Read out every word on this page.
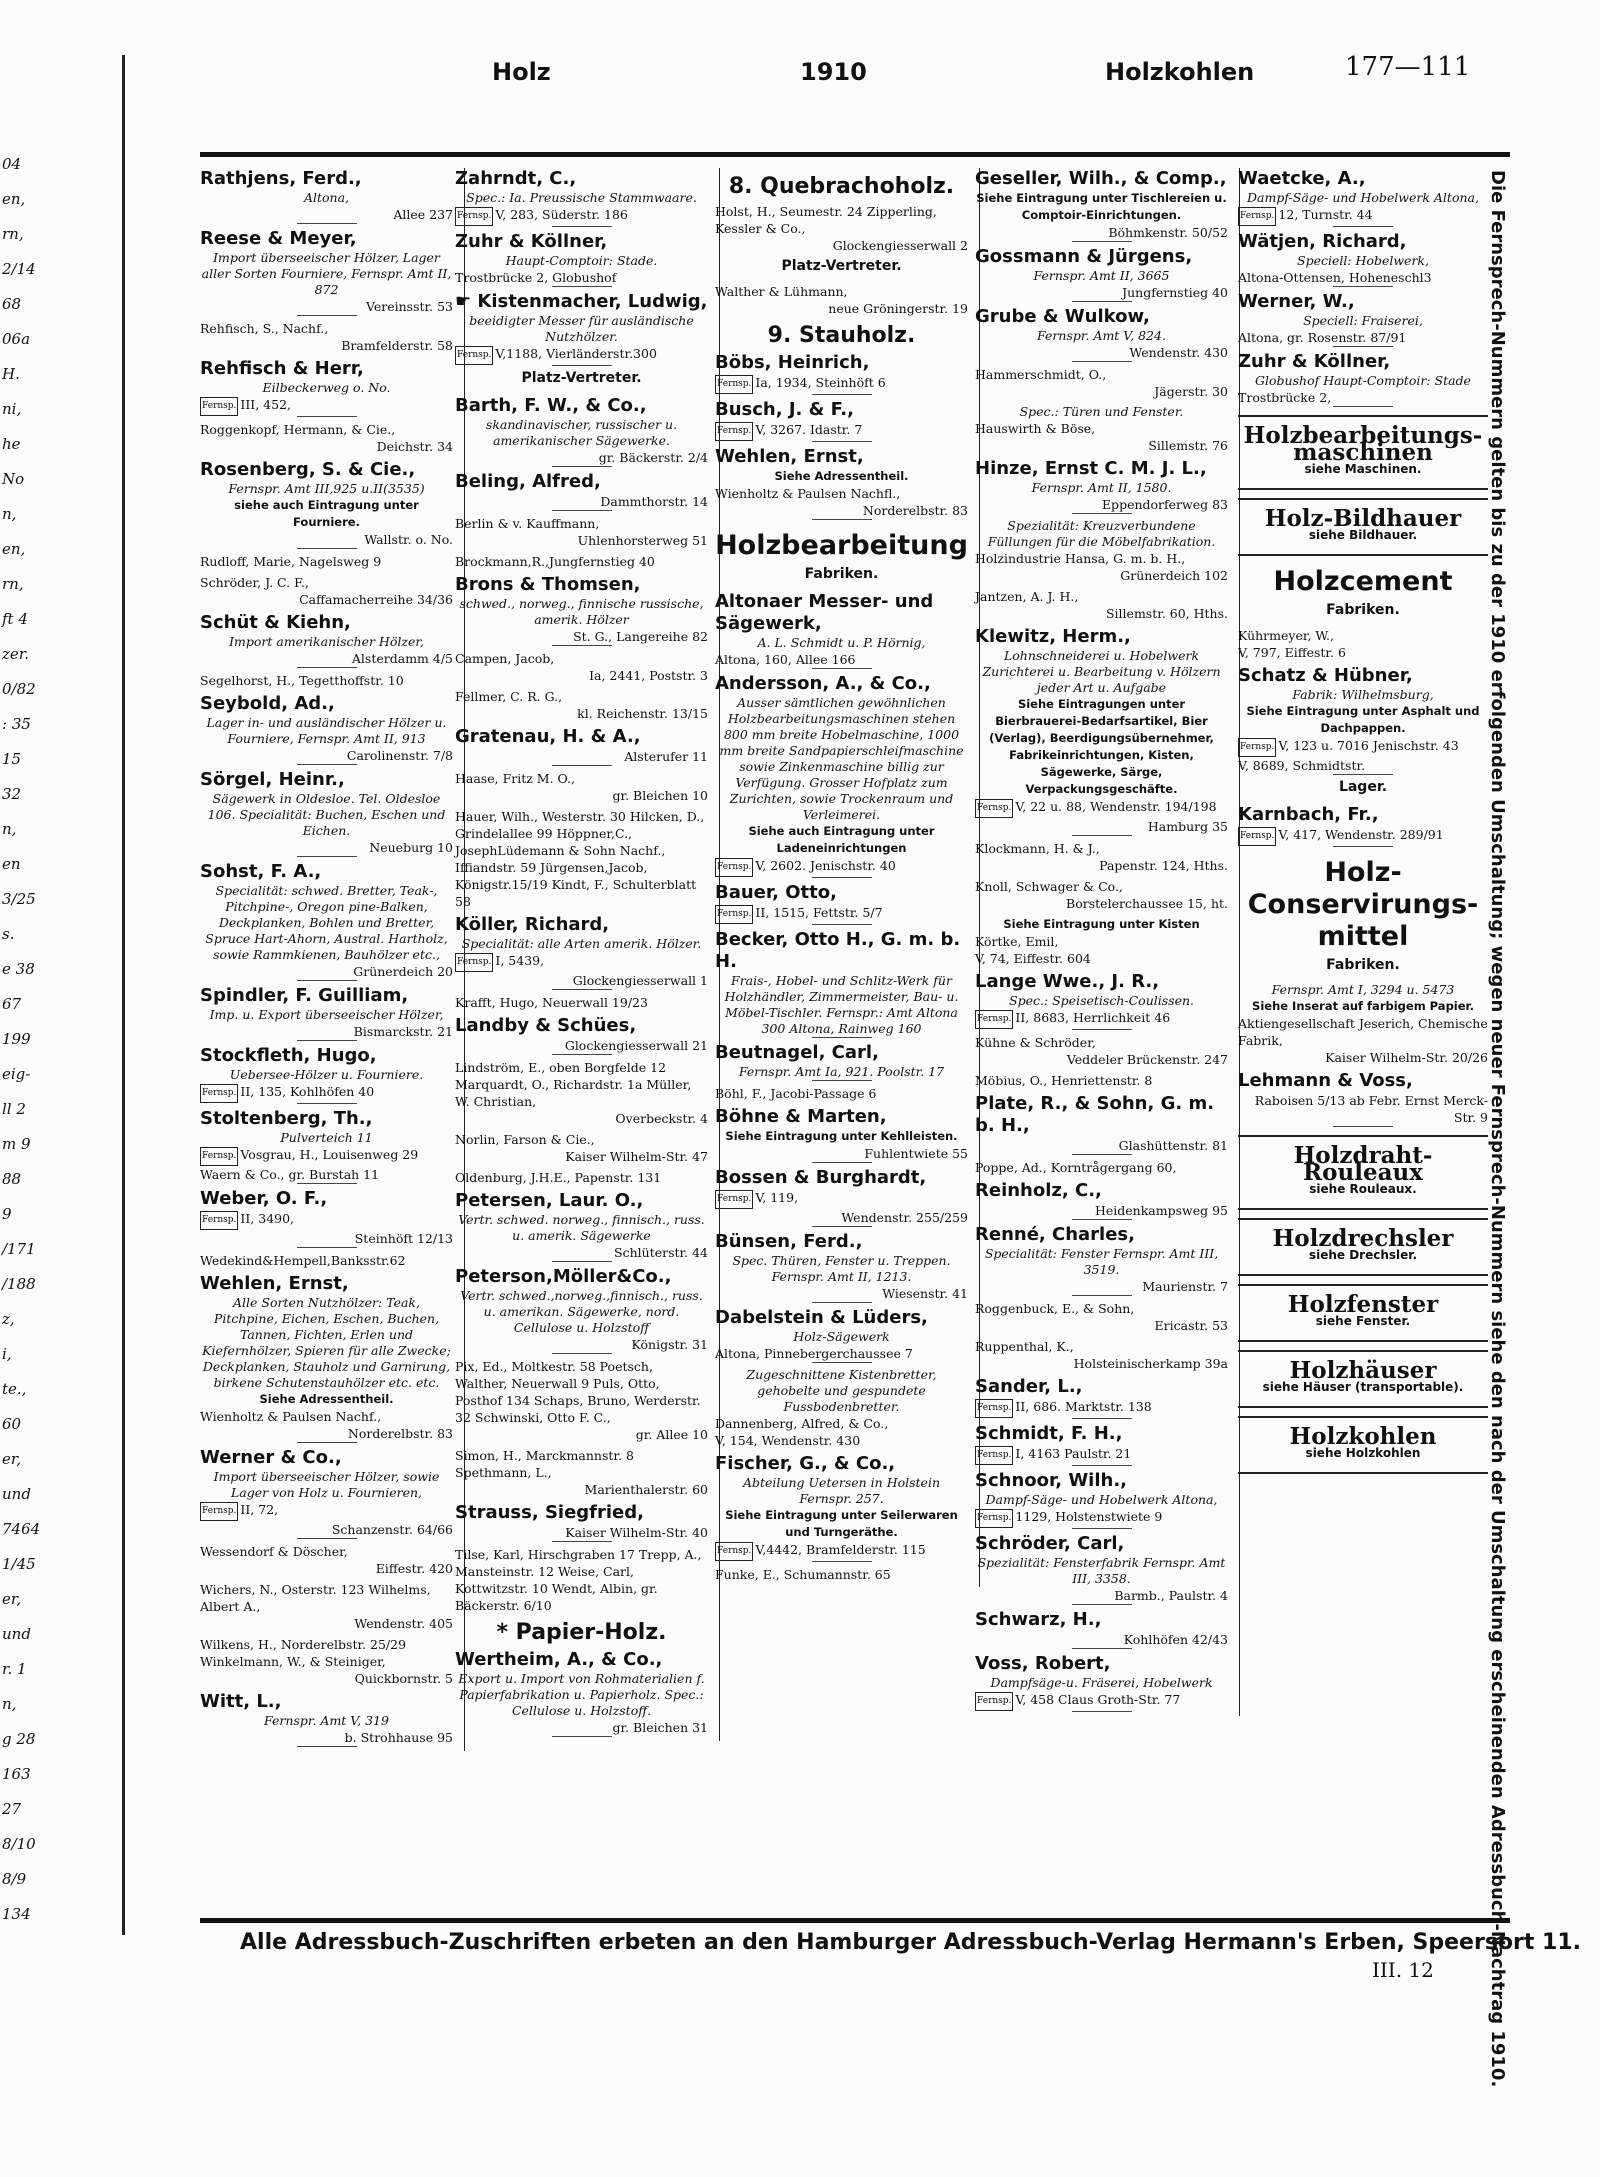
04
en,
rn,
2/14
68
06a
H.
ni,
he
No
n,
en,
rn,
ft 4
zer.
0/82
: 35
15
32
n,
en
3/25
s.
e 38
67
199
eig-
ll 2
m 9
88
9
/171
/188
z,
i,
te.,
60
er,
und
7464
1/45
er,
und
r. 1
n,
g 28
163
27
8/10
8/9
134
Holz	1910	Holzkohlen	177—111
Rathjens, Ferd.,
Altona,
Allee 237
Reese & Meyer,
Import überseeischer Hölzer, Lager aller Sorten Fourniere, Fernspr. Amt II, 872
Vereinsstr. 53
Rehfisch, S., Nachf.,
Bramfelderstr. 58
Rehfisch & Herr,
Eilbeckerweg o. No.
Fernsp. III, 452,
Roggenkopf, Hermann, & Cie.,
Deichstr. 34
Rosenberg, S. & Cie.,
Fernspr. Amt III,925 u.II(3535)
siehe auch Eintragung unter Fourniere.
Wallstr. o. No.
Rudloff, Marie, Nagelsweg 9
Schröder, J. C. F.,
Caffamacherreihe 34/36
Schüt & Kiehn,
Import amerikanischer Hölzer,
Alsterdamm 4/5
Segelhorst, H., Tegetthoffstr. 10
Seybold, Ad.,
Lager in- und ausländischer Hölzer u. Fourniere, Fernspr. Amt II, 913
Carolinenstr. 7/8
Sörgel, Heinr.,
Sägewerk in Oldesloe. Tel. Oldesloe 106. Specialität: Buchen, Eschen und Eichen.
Neueburg 10
Sohst, F. A.,
Specialität: schwed. Bretter, Teak-, Pitchpine-, Oregon pine-Balken, Deckplanken, Bohlen und Bretter, Spruce Hart-Ahorn, Austral. Hartholz, sowie Rammkienen, Bauhölzer etc.,
Grünerdeich 20
Spindler, F. Guilliam,
Imp. u. Export überseeischer Hölzer,
Bismarckstr. 21
Stockfleth, Hugo,
Ueberseе-Hölzer u. Fourniere.
Fernsp. II, 135, Kohlhöfen 40
Stoltenberg, Th.,
Pulverteich 11
Fernsp. Vosgrau, H., Louisenweg 29 Waern & Co., gr. Burstah 11
Weber, O. F.,
Fernsp. II, 3490,
Steinhöft 12/13
Wedekind&Hempell,Banksstr.62
Wehlen, Ernst,
Alle Sorten Nutzhölzer: Teak, Pitchpine, Eichen, Eschen, Buchen, Tannen, Fichten, Erlen und Kiefernhölzer, Spieren für alle Zwecke; Deckplanken, Stauholz und Garnirung, birkene Schutenstauhölzer etc. etc.
Siehe Adressentheil.
Wienholtz & Paulsen Nachf.,
Norderelbstr. 83
Werner & Co.,
Import überseeischer Hölzer, sowie Lager von Holz u. Fournieren,
Fernsp. II, 72,
Schanzenstr. 64/66
Wessendorf & Döscher,
Eiffestr. 420
Wichers, N., Osterstr. 123 Wilhelms, Albert A.,
Wendenstr. 405
Wilkens, H., Norderelbstr. 25/29 Winkelmann, W., & Steiniger,
Quickbornstr. 5
Witt, L.,
Fernspr. Amt V, 319
b. Strohhause 95
Zahrndt, C.,
Spec.: Ia. Preussische Stammwaare.
Fernsp. V, 283, Süderstr. 186
Zuhr & Köllner,
Haupt-Comptoir: Stade.
Trostbrücke 2, Globushof
☛ Kistenmacher, Ludwig,
beeidigter Messer für ausländische Nutzhölzer.
Fernsp. V,1188, Vierländerstr.300
Platz-Vertreter.
Barth, F. W., & Co.,
skandinavischer, russischer u. amerikanischer Sägewerke.
gr. Bäckerstr. 2/4
Beling, Alfred,
Dammthorstr. 14
Berlin & v. Kauffmann,
Uhlenhorsterweg 51
Brockmann,R.,Jungfernstieg 40
Brons & Thomsen,
schwed., norweg., finnische russische, amerik. Hölzer
St. G., Langereihe 82
Campen, Jacob,
Ia, 2441, Poststr. 3
Fellmer, C. R. G.,
kl. Reichenstr. 13/15
Gratenau, H. & A.,
Alsterufer 11
Haase, Fritz M. O.,
gr. Bleichen 10
Hauer, Wilh., Westerstr. 30 Hilcken, D., Grindelallee 99 Höppner,C., JosephLüdemann & Sohn Nachf., Iffiandstr. 59 Jürgensen,Jacob, Königstr.15/19 Kindt, F., Schulterblatt 58
Köller, Richard,
Specialität: alle Arten amerik. Hölzer.
Fernsp. I, 5439,
Glockengiesserwall 1
Krafft, Hugo, Neuerwall 19/23
Landby & Schües,
Glockengiesserwall 21
Lindström, E., oben Borgfelde 12 Marquardt, O., Richardstr. 1a Müller, W. Christian,
Overbeckstr. 4
Norlin, Farson & Cie.,
Kaiser Wilhelm-Str. 47
Oldenburg, J.H.E., Papenstr. 131
Petersen, Laur. O.,
Vertr. schwed. norweg., finnisch., russ. u. amerik. Sägewerke
Schlüterstr. 44
Peterson,Möller&Co.,
Vertr. schwed.,norweg.,finnisch., russ. u. amerikan. Sägewerke, nord. Cellulose u. Holzstoff
Königstr. 31
Pix, Ed., Moltkestr. 58 Poetsch, Walther, Neuerwall 9 Puls, Otto, Posthof 134 Schaps, Bruno, Werderstr. 32 Schwinski, Otto F. C.,
gr. Allee 10
Simon, H., Marckmannstr. 8 Spethmann, L.,
Marienthalerstr. 60
Strauss, Siegfried,
Kaiser Wilhelm-Str. 40
Tilse, Karl, Hirschgraben 17 Trepp, A., Mansteinstr. 12 Weise, Carl, Kottwitzstr. 10 Wendt, Albin, gr. Bäckerstr. 6/10
* Papier-Holz.
Wertheim, A., & Co.,
Export u. Import von Rohmaterialien f. Papierfabrikation u. Papierholz. Spec.: Cellulose u. Holzstoff.
gr. Bleichen 31
8. Quebrachoholz.
Holst, H., Seumestr. 24 Zipperling, Kessler & Co.,
Glockengiesserwall 2
Platz-Vertreter.
Walther & Lühmann,
neue Gröningerstr. 19
9. Stauholz.
Böbs, Heinrich,
Fernsp. Ia, 1934, Steinhöft 6
Busch, J. & F.,
Fernsp. V, 3267. Idastr. 7
Wehlen, Ernst,
Siehe Adressentheil.
Wienholtz & Paulsen Nachfl.,
Norderelbstr. 83
Holzbearbeitung
Fabriken.
Altonaer Messer- und Sägewerk,
A. L. Schmidt u. P. Hörnig,
Altona, 160, Allee 166
Andersson, A., & Co.,
Ausser sämtlichen gewöhnlichen Holzbearbeitungsmaschinen stehen 800 mm breite Hobelmaschine, 1000 mm breite Sandpapierschleifmaschine sowie Zinkenmaschine billig zur Verfügung. Grosser Hofplatz zum Zurichten, sowie Trockenraum und Verleimerei.
Siehe auch Eintragung unter Ladeneinrichtungen
Fernsp. V, 2602. Jenischstr. 40
Bauer, Otto,
Fernsp. II, 1515, Fettstr. 5/7
Becker, Otto H., G. m. b. H.
Frais-, Hobel- und Schlitz-Werk für Holzhändler, Zimmermeister, Bau- u. Möbel-Tischler. Fernspr.: Amt Altona 300 Altona, Rainweg 160
Beutnagel, Carl,
Fernspr. Amt Ia, 921. Poolstr. 17
Böhl, F., Jacobi-Passage 6
Böhne & Marten,
Siehe Eintragung unter Kehlleisten.
Fuhlentwiete 55
Bossen & Burghardt,
Fernsp. V, 119,
Wendenstr. 255/259
Bünsen, Ferd.,
Spec. Thüren, Fenster u. Treppen. Fernspr. Amt II, 1213.
Wiesenstr. 41
Dabelstein & Lüders,
Holz-Sägewerk
Altona, Pinnebergerchaussee 7
Zugeschnittene Kistenbretter, gehobelte und gespundete Fussbodenbretter.
Dannenberg, Alfred, & Co.,
V, 154, Wendenstr. 430
Fischer, G., & Co.,
Abteilung Uetersen in Holstein Fernspr. 257.
Siehe Eintragung unter Seilerwaren und Turngeräthe.
Fernsp. V,4442, Bramfelderstr. 115
Funke, E., Schumannstr. 65
Geseller, Wilh., & Comp.,
Siehe Eintragung unter Tischlereien u. Comptoir-Einrichtungen.
Böhmkenstr. 50/52
Gossmann & Jürgens,
Fernspr. Amt II, 3665
Jungfernstieg 40
Grube & Wulkow,
Fernspr. Amt V, 824.
Wendenstr. 430
Hammerschmidt, O.,
Jägerstr. 30
Spec.: Türen und Fenster.
Hauswirth & Böse,
Sillemstr. 76
Hinze, Ernst C. M. J. L.,
Fernspr. Amt II, 1580.
Eppendorferweg 83
Spezialität: Kreuzverbundene Füllungen für die Möbelfabrikation.
Holzindustrie Hansa, G. m. b. H.,
Grünerdeich 102
Jantzen, A. J. H.,
Sillemstr. 60, Hths.
Klewitz, Herm.,
Lohnschneiderei u. Hobelwerk Zurichterei u. Bearbeitung v. Hölzern jeder Art u. Aufgabe
Siehe Eintragungen unter Bierbrauerei-Bedarfsartikel, Bier (Verlag), Beerdigungsübernehmer, Fabrikeinrichtungen, Kisten, Sägewerke, Särge, Verpackungsgeschäfte.
Fernsp. V, 22 u. 88, Wendenstr. 194/198
Hamburg 35
Klockmann, H. & J.,
Papenstr. 124, Hths.
Knoll, Schwager & Co.,
Borstelerchaussee 15, ht.
Siehe Eintragung unter Kisten
Körtke, Emil,
V, 74, Eiffestr. 604
Lange Wwe., J. R.,
Spec.: Speisetisch-Coulissen.
Fernsp. II, 8683, Herrlichkeit 46
Kühne & Schröder,
Veddeler Brückenstr. 247
Möbius, O., Henriettenstr. 8
Plate, R., & Sohn, G. m. b. H.,
Glashüttenstr. 81
Poppe, Ad., Korntrågergang 60,
Reinholz, C.,
Heidenkampsweg 95
Renné, Charles,
Specialität: Fenster Fernspr. Amt III, 3519.
Maurienstr. 7
Roggenbuck, E., & Sohn,
Ericastr. 53
Ruppenthal, K.,
Holsteinischerkamp 39a
Sander, L.,
Fernsp. II, 686. Marktstr. 138
Schmidt, F. H.,
Fernsp. I, 4163 Paulstr. 21
Schnoor, Wilh.,
Dampf-Säge- und Hobelwerk Altona,
Fernsp. 1129, Holstenstwiete 9
Schröder, Carl,
Spezialität: Fensterfabrik Fernspr. Amt III, 3358.
Barmb., Paulstr. 4
Schwarz, H.,
Kohlhöfen 42/43
Voss, Robert,
Dampfsäge-u. Fräserei, Hobelwerk
Fernsp. V, 458 Claus Groth-Str. 77
Waetcke, A.,
Dampf-Säge- und Hobelwerk Altona,
Fernsp. 12, Turnstr. 44
Wätjen, Richard,
Speciell: Hobelwerk,
Altona-Ottensen, Hoheneschl3
Werner, W.,
Speciell: Fraiserei,
Altona, gr. Rosenstr. 87/91
Zuhr & Köllner,
Globushof Haupt-Comptoir: Stade
Trostbrücke 2,
Holzbearbeitungs-maschinen
siehe Maschinen.
Holz-Bildhauer
siehe Bildhauer.
Holzcement
Fabriken.
Kührmeyer, W.,
V, 797, Eiffestr. 6
Schatz & Hübner,
Fabrik: Wilhelmsburg,
Siehe Eintragung unter Asphalt und Dachpappen.
Fernsp. V, 123 u. 7016 Jenischstr. 43
V, 8689, Schmidtstr.
Lager.
Karnbach, Fr.,
Fernsp. V, 417, Wendenstr. 289/91
Holz-Conservirungs-mittel
Fabriken.
Fernspr. Amt I, 3294 u. 5473
Siehe Inserat auf farbigem Papier.
Aktiengesellschaft Jeserich, Chemische Fabrik,
Kaiser Wilhelm-Str. 20/26
Lehmann & Voss,
Raboisen 5/13 ab Febr. Ernst Merck-Str. 9
Holzdraht-Rouleaux
siehe Rouleaux.
Holzdrechsler
siehe Drechsler.
Holzfenster
siehe Fenster.
Holzhäuser
siehe Häuser (transportable).
Holzkohlen
siehe Holzkohlen	Die Fernsprech-Nummern gelten bis zu der 1910 erfolgenden Umschaltung; wegen neuer Fernsprech-Nummern siehe den nach der Umschaltung erscheinenden Adressbuch-Nachtrag 1910.
Alle Adressbuch-Zuschriften erbeten an den Hamburger Adressbuch-Verlag Hermann's Erben, Speersort 11.
III. 12
